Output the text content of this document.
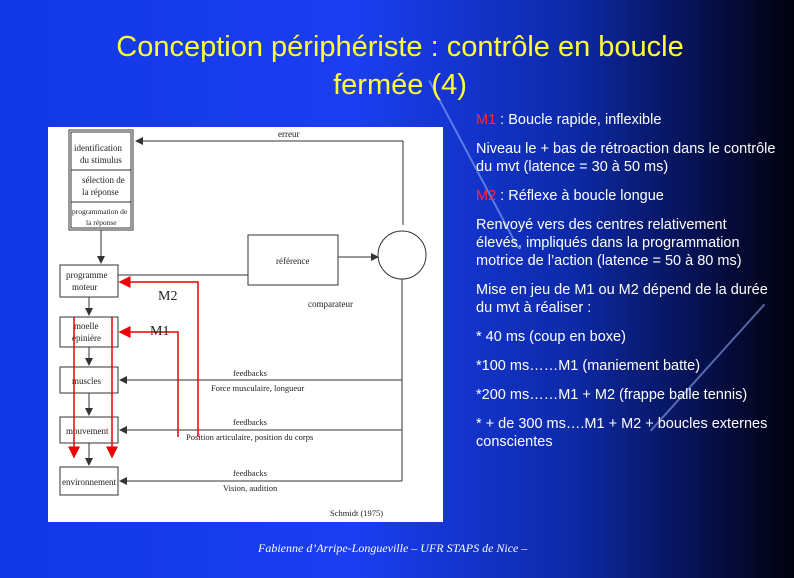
Conception périphériste : contrôle en boucle
fermée (4)
identification
du stimulus
sélection de
la réponse
programmation de
la réponse
erreur
référence
comparateur
programme
moteur
moelle
épinière
muscles
mouvement
environnement
feedbacks
Force musculaire, longueur
feedbacks
Position articulaire, position du corps
feedbacks
Vision, audition
M2
M1
Schmidt (1975)

M1 : Boucle rapide, inflexible

Niveau le + bas de rétroaction dans le contrôle du mvt (latence = 30 à 50 ms)

M2 : Réflexe à boucle longue

Renvoyé vers des centres relativement élevés, impliqués dans la programmation motrice de l’action (latence = 50 à 80 ms)

Mise en jeu de M1 ou M2 dépend de la durée du mvt à réaliser :

* 40 ms (coup en boxe)

*100 ms……M1 (maniement batte)

*200 ms……M1 + M2 (frappe balle tennis)

* + de 300 ms….M1 + M2 + boucles externes conscientes

Fabienne d’Arripe-Longueville – UFR STAPS de Nice –
